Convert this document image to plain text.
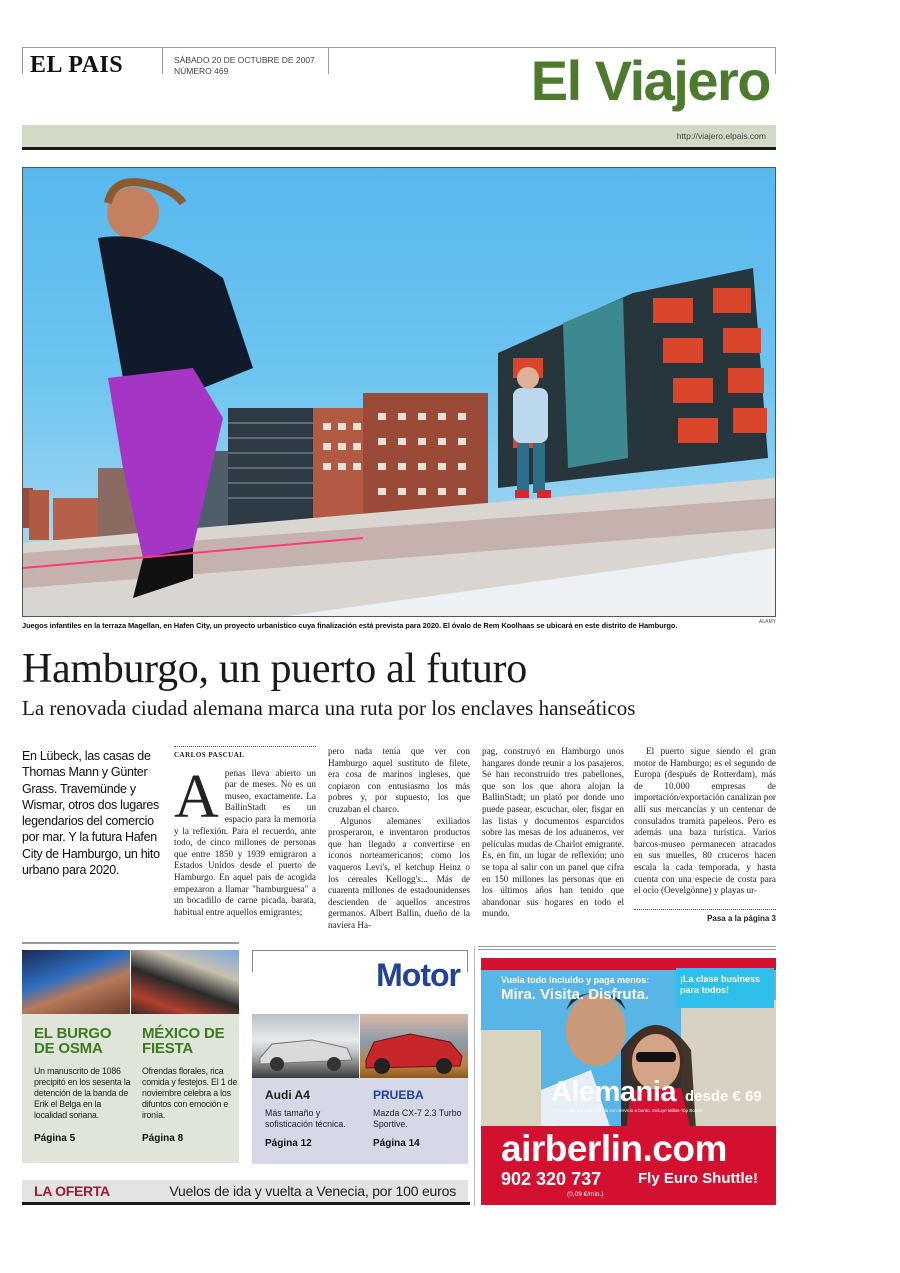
EL PAIS	SÁBADO 20 DE OCTUBRE DE 2007
NÚMERO 469	El Viajero
http://viajero.elpais.com
Juegos infantiles en la terraza Magellan, en Hafen City, un proyecto urbanístico cuya finalización está prevista para 2020. El óvalo de Rem Koolhaas se ubicará en este distrito de Hamburgo.	ALAMY
Hamburgo, un puerto al futuro
La renovada ciudad alemana marca una ruta por los enclaves hanseáticos
En Lübeck, las casas de Thomas Mann y Günter Grass. Travemünde y Wismar, otros dos lugares legendarios del comercio por mar. Y la futura Hafen City de Hamburgo, un hito urbano para 2020.
CARLOS PASCUAL
A penas lleva abierto un par de meses. No es un museo, exactamente. La BallinStadt es un espacio para la memoria y la reflexión. Para el recuerdo, ante todo, de cinco millones de personas que entre 1850 y 1939 emigraron a Estados Unidos desde el puerto de Hamburgo. En aquel país de acogida empezaron a llamar "hamburguesa" a un bocadillo de carne picada, barata, habitual entre aquellos emigrantes;

pero nada tenía que ver con Hamburgo aquel sustituto de filete, era cosa de marinos ingleses, que copiaron con entusiasmo los más pobres y, por supuesto, los que cruzaban el charco.

Algunos alemanes exiliados prosperaron, e inventaron productos que han llegado a convertirse en iconos norteamericanos; como los vaqueros Levi's, el ketchup Heinz o los cereales Kellogg's... Más de cuarenta millones de estadounidenses descienden de aquellos ancestros germanos. Albert Ballin, dueño de la naviera Ha-

pag, construyó en Hamburgo unos hangares donde reunir a los pasajeros. Se han reconstruido tres pabellones, que son los que ahora alojan la BallinStadt; un plató por donde uno puede pasear, escuchar, oler, fisgar en las listas y documentos esparcidos sobre las mesas de los aduaneros, ver películas mudas de Charlot emigrante. Es, en fin, un lugar de reflexión; uno se topa al salir con un panel que cifra en 150 millones las personas que en los últimos años han tenido que abandonar sus hogares en todo el mundo.

El puerto sigue siendo el gran motor de Hamburgo; es el segundo de Europa (después de Rotterdam), más de 10.000 empresas de importación/exportación canalizan por allí sus mercancías y un centenar de consulados tramita papeleos. Pero es además una baza turística. Varios barcos-museo permanecen atracados en sus muelles, 80 cruceros hacen escala la cada temporada, y hasta cuenta con una especie de costa para el ocio (Oevelgönne) y playas ur-

Pasa a la página 3
EL BURGO DE OSMA
Un manuscrito de 1086 precipitó en los sesenta la detención de la banda de Erik el Belga en la localidad soriana.
Página 5
MÉXICO DE FIESTA
Ofrendas florales, rica comida y festejos. El 1 de noviembre celebra a los difuntos con emoción e ironía.
Página 8
Motor
Audi A4
Más tamaño y sofisticación técnica.
Página 12
PRUEBA
Mazda CX-7 2.3 Turbo Sportive.
Página 14
LA OFERTA	Vuelos de ida y vuelta a Venecia, por 100 euros
Vuela todo incluido y paga menos:
Mira. Visita. Disfruta.
¡La clase business para todos!
Alemania desde € 69
Precio total del vuelo de ida con servicio a bordo. Incluye Millas-Top Bonus
airberlin.com
902 320 737
(0,09 €/min.)
Fly Euro Shuttle!
